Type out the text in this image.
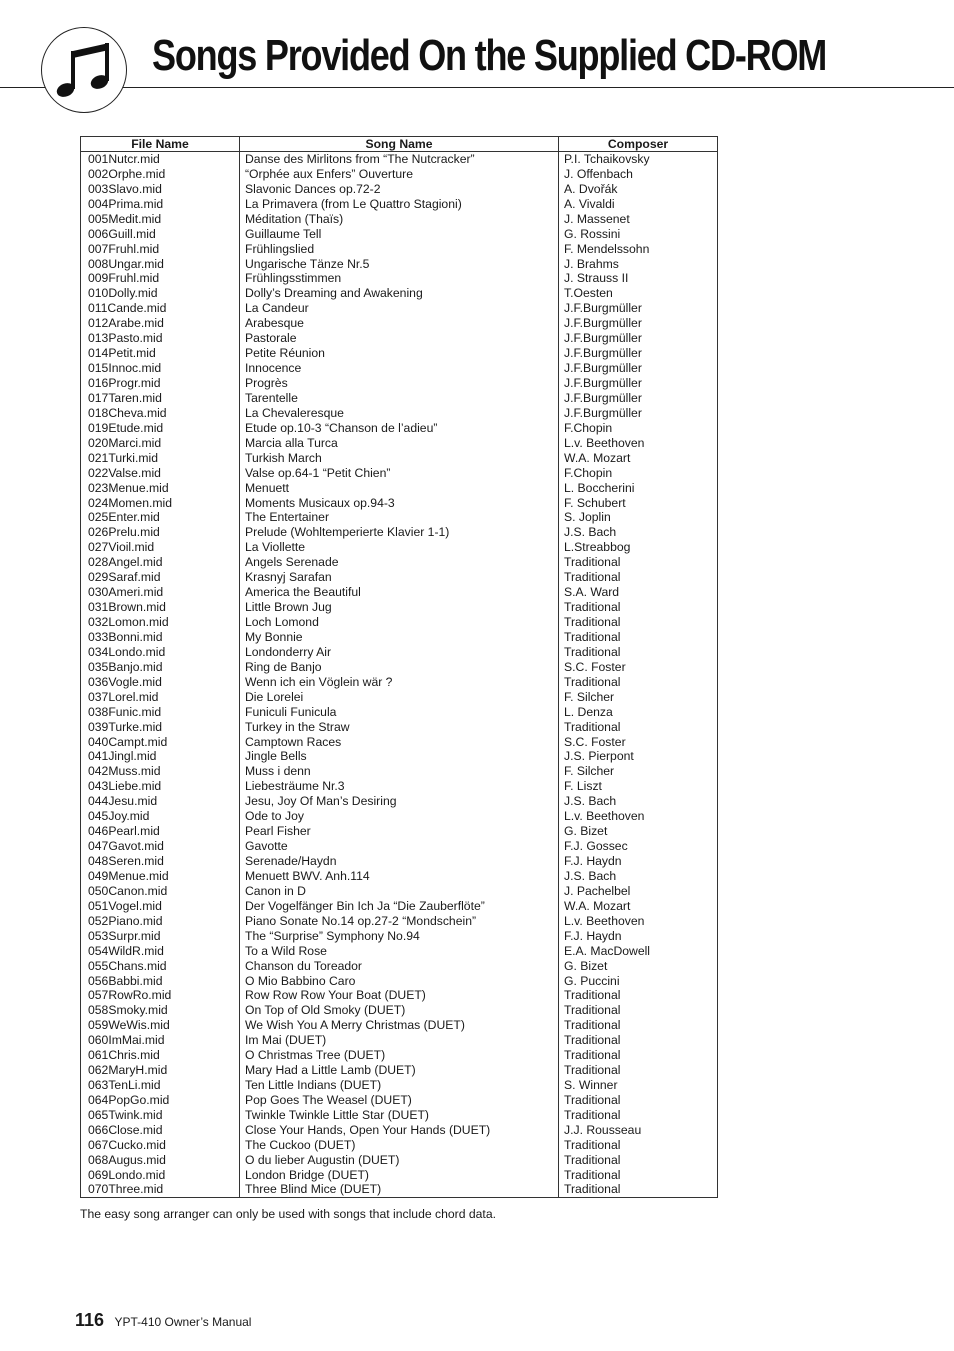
Songs Provided On the Supplied CD-ROM
File Name	Song Name	Composer
001Nutcr.mid	Danse des Mirlitons from “The Nutcracker”	P.I. Tchaikovsky
002Orphe.mid	“Orphée aux Enfers” Ouverture	J. Offenbach
003Slavo.mid	Slavonic Dances op.72-2	A. Dvořák
004Prima.mid	La Primavera (from Le Quattro Stagioni)	A. Vivaldi
005Medit.mid	Méditation (Thaïs)	J. Massenet
006Guill.mid	Guillaume Tell	G. Rossini
007Fruhl.mid	Frühlingslied	F. Mendelssohn
008Ungar.mid	Ungarische Tänze Nr.5	J. Brahms
009Fruhl.mid	Frühlingsstimmen	J. Strauss II
010Dolly.mid	Dolly’s Dreaming and Awakening	T.Oesten
011Cande.mid	La Candeur	J.F.Burgmüller
012Arabe.mid	Arabesque	J.F.Burgmüller
013Pasto.mid	Pastorale	J.F.Burgmüller
014Petit.mid	Petite Réunion	J.F.Burgmüller
015Innoc.mid	Innocence	J.F.Burgmüller
016Progr.mid	Progrès	J.F.Burgmüller
017Taren.mid	Tarentelle	J.F.Burgmüller
018Cheva.mid	La Chevaleresque	J.F.Burgmüller
019Etude.mid	Etude op.10-3 “Chanson de l’adieu”	F.Chopin
020Marci.mid	Marcia alla Turca	L.v. Beethoven
021Turki.mid	Turkish March	W.A. Mozart
022Valse.mid	Valse op.64-1 “Petit Chien”	F.Chopin
023Menue.mid	Menuett	L. Boccherini
024Momen.mid	Moments Musicaux op.94-3	F. Schubert
025Enter.mid	The Entertainer	S. Joplin
026Prelu.mid	Prelude (Wohltemperierte Klavier 1-1)	J.S. Bach
027Vioil.mid	La Viollette	L.Streabbog
028Angel.mid	Angels Serenade	Traditional
029Saraf.mid	Krasnyj Sarafan	Traditional
030Ameri.mid	America the Beautiful	S.A. Ward
031Brown.mid	Little Brown Jug	Traditional
032Lomon.mid	Loch Lomond	Traditional
033Bonni.mid	My Bonnie	Traditional
034Londo.mid	Londonderry Air	Traditional
035Banjo.mid	Ring de Banjo	S.C. Foster
036Vogle.mid	Wenn ich ein Vöglein wär ?	Traditional
037Lorel.mid	Die Lorelei	F. Silcher
038Funic.mid	Funiculi Funicula	L. Denza
039Turke.mid	Turkey in the Straw	Traditional
040Campt.mid	Camptown Races	S.C. Foster
041Jingl.mid	Jingle Bells	J.S. Pierpont
042Muss.mid	Muss i denn	F. Silcher
043Liebe.mid	Liebesträume Nr.3	F. Liszt
044Jesu.mid	Jesu, Joy Of Man’s Desiring	J.S. Bach
045Joy.mid	Ode to Joy	L.v. Beethoven
046Pearl.mid	Pearl Fisher	G. Bizet
047Gavot.mid	Gavotte	F.J. Gossec
048Seren.mid	Serenade/Haydn	F.J. Haydn
049Menue.mid	Menuett BWV. Anh.114	J.S. Bach
050Canon.mid	Canon in D	J. Pachelbel
051Vogel.mid	Der Vogelfänger Bin Ich Ja “Die Zauberflöte”	W.A. Mozart
052Piano.mid	Piano Sonate No.14 op.27-2 “Mondschein”	L.v. Beethoven
053Surpr.mid	The “Surprise” Symphony No.94	F.J. Haydn
054WildR.mid	To a Wild Rose	E.A. MacDowell
055Chans.mid	Chanson du Toreador	G. Bizet
056Babbi.mid	O Mio Babbino Caro	G. Puccini
057RowRo.mid	Row Row Row Your Boat (DUET)	Traditional
058Smoky.mid	On Top of Old Smoky (DUET)	Traditional
059WeWis.mid	We Wish You A Merry Christmas (DUET)	Traditional
060ImMai.mid	Im Mai (DUET)	Traditional
061Chris.mid	O Christmas Tree (DUET)	Traditional
062MaryH.mid	Mary Had a Little Lamb (DUET)	Traditional
063TenLi.mid	Ten Little Indians (DUET)	S. Winner
064PopGo.mid	Pop Goes The Weasel (DUET)	Traditional
065Twink.mid	Twinkle Twinkle Little Star (DUET)	Traditional
066Close.mid	Close Your Hands, Open Your Hands (DUET)	J.J. Rousseau
067Cucko.mid	The Cuckoo (DUET)	Traditional
068Augus.mid	O du lieber Augustin (DUET)	Traditional
069Londo.mid	London Bridge (DUET)	Traditional
070Three.mid	Three Blind Mice (DUET)	Traditional
The easy song arranger can only be used with songs that include chord data.
116 YPT-410 Owner’s Manual
